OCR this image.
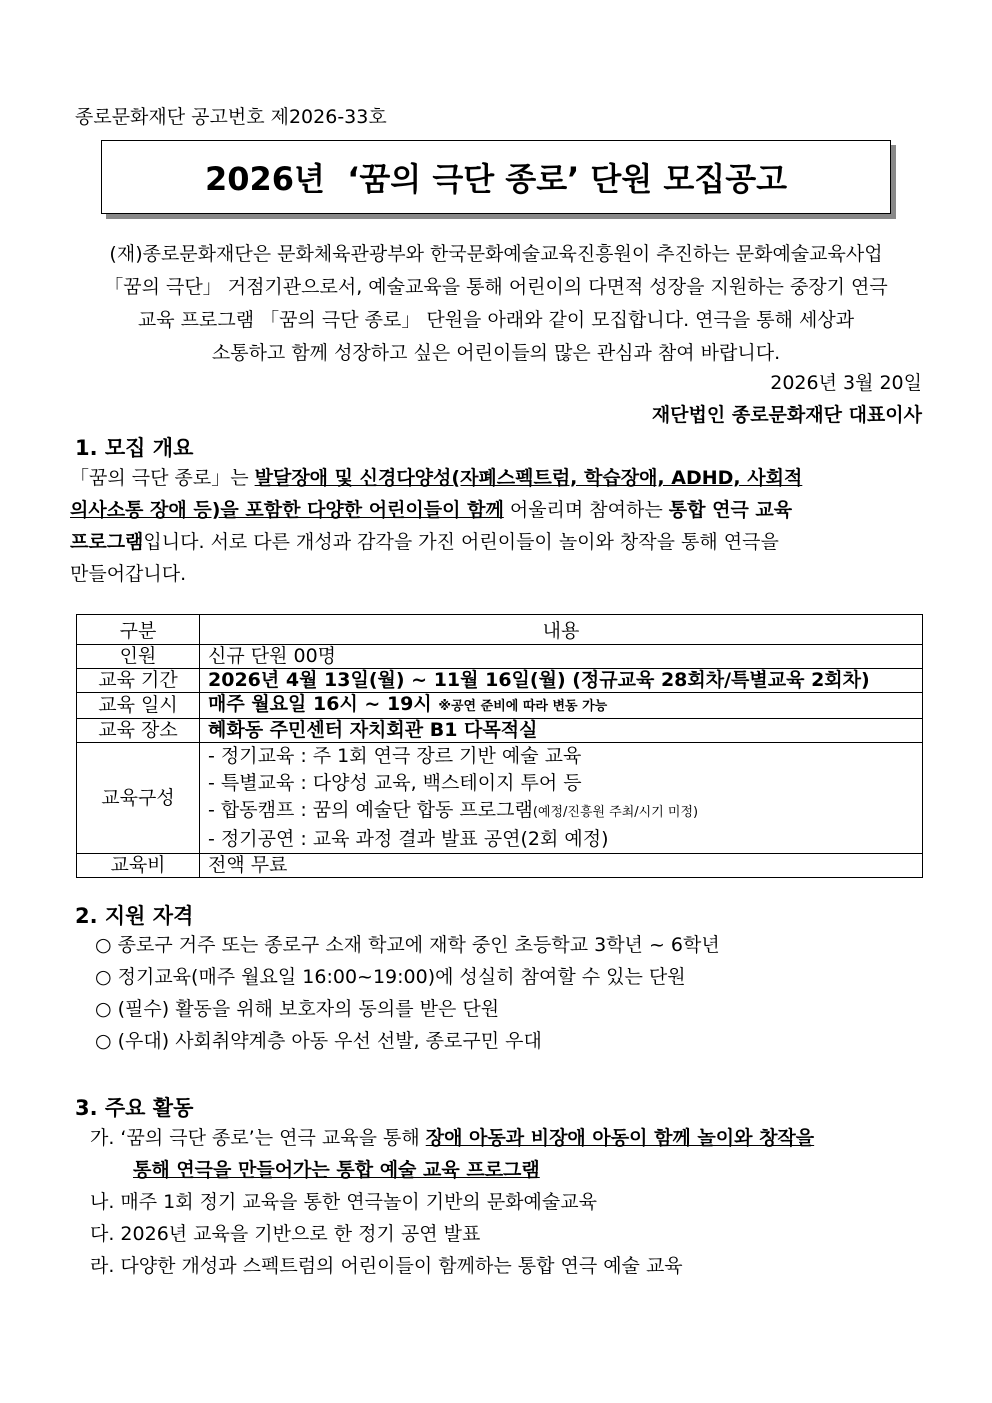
종로문화재단 공고번호 제2026-33호
2026년  ‘꿈의 극단 종로’ 단원 모집공고
(재)종로문화재단은 문화체육관광부와 한국문화예술교육진흥원이 추진하는 문화예술교육사업
「꿈의 극단」 거점기관으로서, 예술교육을 통해 어린이의 다면적 성장을 지원하는 중장기 연극
교육 프로그램 「꿈의 극단 종로」 단원을 아래와 같이 모집합니다. 연극을 통해 세상과
소통하고 함께 성장하고 싶은 어린이들의 많은 관심과 참여 바랍니다.
2026년 3월 20일
재단법인 종로문화재단 대표이사
1. 모집 개요
「꿈의 극단 종로」는 발달장애 및 신경다양성(자폐스펙트럼, 학습장애, ADHD, 사회적
의사소통 장애 등)을 포함한 다양한 어린이들이 함께 어울리며 참여하는 통합 연극 교육
프로그램입니다. 서로 다른 개성과 감각을 가진 어린이들이 놀이와 창작을 통해 연극을
만들어갑니다.
구분	내용
인원	신규 단원 00명
교육 기간	2026년 4월 13일(월) ~ 11월 16일(월) (정규교육 28회차/특별교육 2회차)
교육 일시	매주 월요일 16시 ~ 19시 ※공연 준비에 따라 변동 가능
교육 장소	혜화동 주민센터 자치회관 B1 다목적실
교육구성	- 정기교육 : 주 1회 연극 장르 기반 예술 교육
- 특별교육 : 다양성 교육, 백스테이지 투어 등
- 합동캠프 : 꿈의 예술단 합동 프로그램(예정/진흥원 주최/시기 미정)
- 정기공연 : 교육 과정 결과 발표 공연(2회 예정)

교육비	전액 무료
2. 지원 자격
○ 종로구 거주 또는 종로구 소재 학교에 재학 중인 초등학교 3학년 ~ 6학년
○ 정기교육(매주 월요일 16:00~19:00)에 성실히 참여할 수 있는 단원
○ (필수) 활동을 위해 보호자의 동의를 받은 단원
○ (우대) 사회취약계층 아동 우선 선발, 종로구민 우대
3. 주요 활동
가. ‘꿈의 극단 종로’는 연극 교육을 통해 장애 아동과 비장애 아동이 함께 놀이와 창작을
통해 연극을 만들어가는 통합 예술 교육 프로그램
나. 매주 1회 정기 교육을 통한 연극놀이 기반의 문화예술교육
다. 2026년 교육을 기반으로 한 정기 공연 발표
라. 다양한 개성과 스펙트럼의 어린이들이 함께하는 통합 연극 예술 교육
